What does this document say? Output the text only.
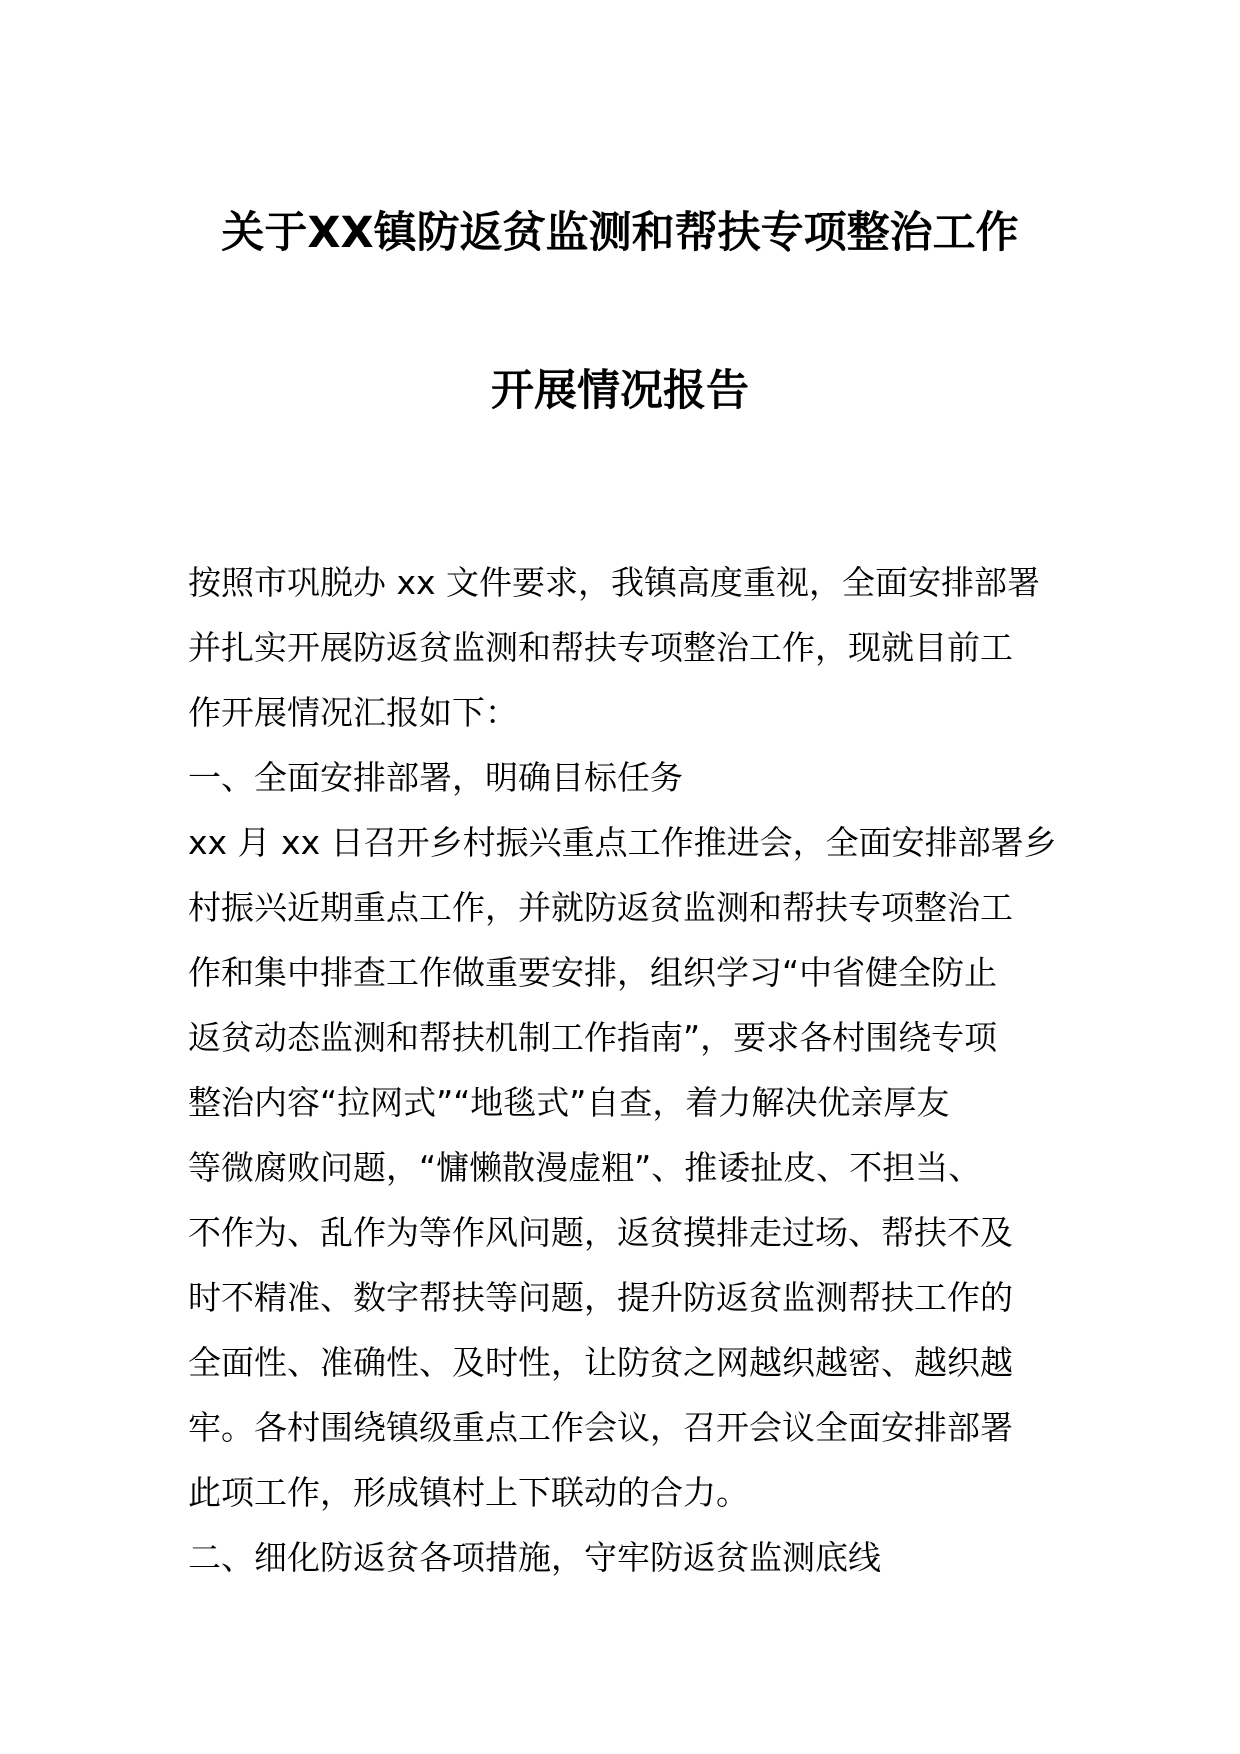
关于XX镇防返贫监测和帮扶专项整治工作
开展情况报告
按照市巩脱办 xx 文件要求，我镇高度重视，全面安排部署
并扎实开展防返贫监测和帮扶专项整治工作，现就目前工
作开展情况汇报如下：
一、全面安排部署，明确目标任务
xx 月 xx 日召开乡村振兴重点工作推进会，全面安排部署乡
村振兴近期重点工作，并就防返贫监测和帮扶专项整治工
作和集中排查工作做重要安排，组织学习“中省健全防止
返贫动态监测和帮扶机制工作指南”，要求各村围绕专项
整治内容“拉网式”“地毯式”自查，着力解决优亲厚友
等微腐败问题，“慵懒散漫虚粗”、推诿扯皮、不担当、
不作为、乱作为等作风问题，返贫摸排走过场、帮扶不及
时不精准、数字帮扶等问题，提升防返贫监测帮扶工作的
全面性、准确性、及时性，让防贫之网越织越密、越织越
牢。各村围绕镇级重点工作会议，召开会议全面安排部署
此项工作，形成镇村上下联动的合力。
二、细化防返贫各项措施，守牢防返贫监测底线
